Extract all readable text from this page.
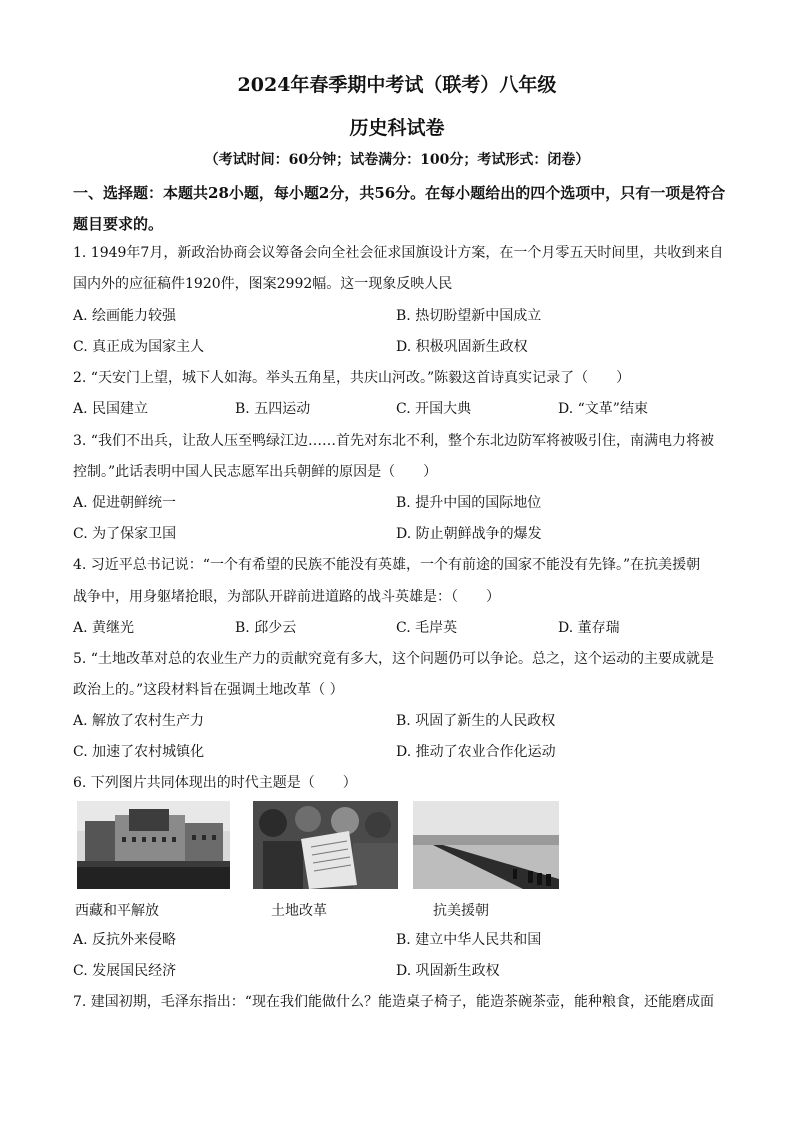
2024年春季期中考试（联考）八年级
历史科试卷
（考试时间：60分钟；试卷满分：100分；考试形式：闭卷）
一、选择题：本题共28小题，每小题2分，共56分。在每小题给出的四个选项中，只有一项是符合题目要求的。
1. 1949年7月，新政治协商会议筹备会向全社会征求国旗设计方案，在一个月零五天时间里，共收到来自
国内外的应征稿件1920件，图案2992幅。这一现象反映人民
A. 绘画能力较强	B. 热切盼望新中国成立
C. 真正成为国家主人	D. 积极巩固新生政权
2. “天安门上望，城下人如海。举头五角星，共庆山河改。”陈毅这首诗真实记录了（　　）
A. 民国建立	B. 五四运动	C. 开国大典	D. “文革”结束
3. “我们不出兵，让敌人压至鸭绿江边……首先对东北不利，整个东北边防军将被吸引住，南满电力将被
控制。”此话表明中国人民志愿军出兵朝鲜的原因是（　　）
A. 促进朝鲜统一	B. 提升中国的国际地位
C. 为了保家卫国	D. 防止朝鲜战争的爆发
4. 习近平总书记说：“一个有希望的民族不能没有英雄，一个有前途的国家不能没有先锋。”在抗美援朝
战争中，用身躯堵抢眼，为部队开辟前进道路的战斗英雄是：（　　）
A. 黄继光	B. 邱少云	C. 毛岸英	D. 董存瑞
5. “土地改革对总的农业生产力的贡献究竟有多大，这个问题仍可以争论。总之，这个运动的主要成就是
政治上的。”这段材料旨在强调土地改革（ ）
A. 解放了农村生产力	B. 巩固了新生的人民政权
C. 加速了农村城镇化	D. 推动了农业合作化运动
6. 下列图片共同体现出的时代主题是（　　）
西藏和平解放	土地改革	抗美援朝
A. 反抗外来侵略	B. 建立中华人民共和国
C. 发展国民经济	D. 巩固新生政权
7. 建国初期，毛泽东指出：“现在我们能做什么？能造桌子椅子，能造茶碗茶壶，能种粮食，还能磨成面
